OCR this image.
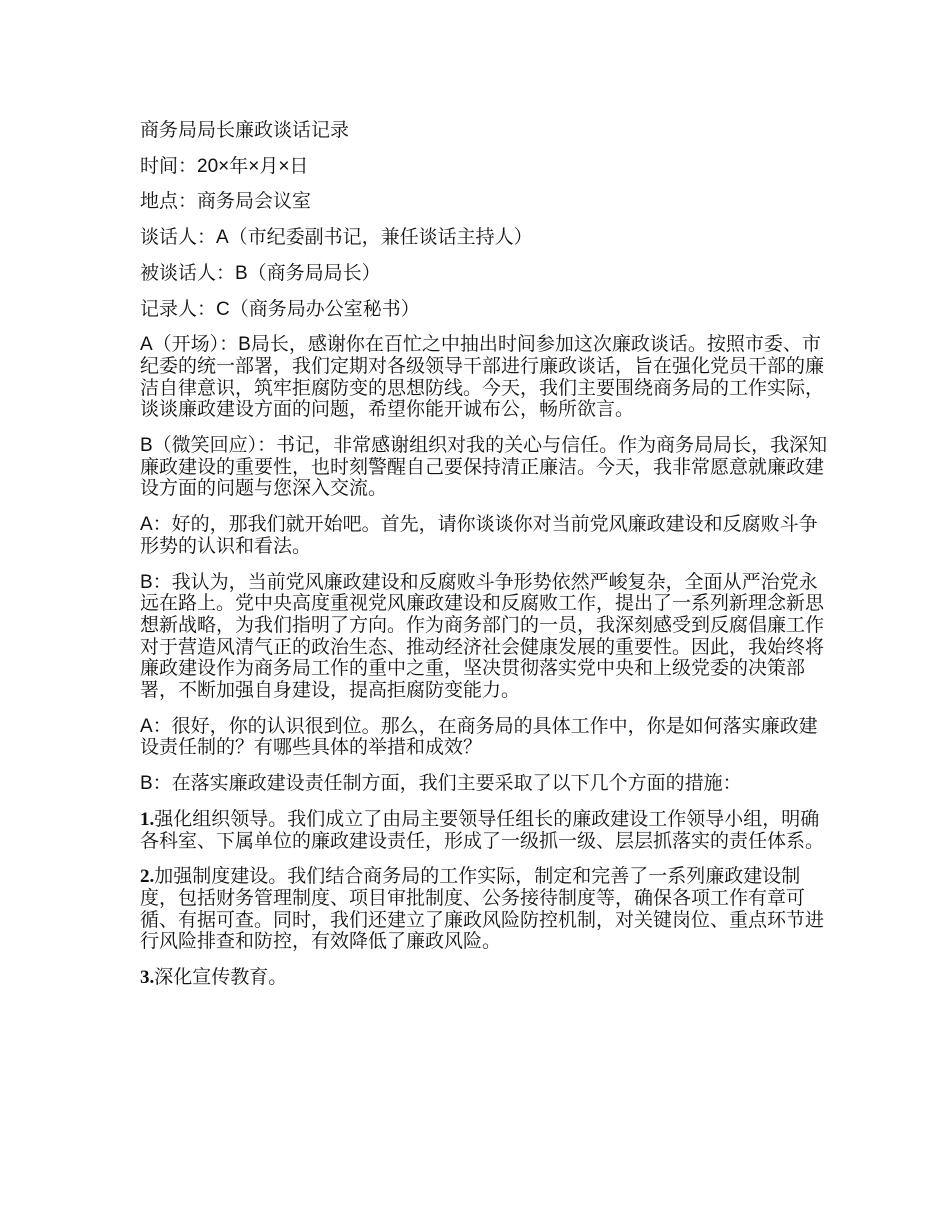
商务局局长廉政谈话记录

时间：20×年×月×日

地点：商务局会议室

谈话人：A（市纪委副书记，兼任谈话主持人）

被谈话人：B（商务局局长）

记录人：C（商务局办公室秘书）

A（开场）：B局长，感谢你在百忙之中抽出时间参加这次廉政谈话。按照市委、市纪委的统一部署，我们定期对各级领导干部进行廉政谈话，旨在强化党员干部的廉洁自律意识，筑牢拒腐防变的思想防线。今天，我们主要围绕商务局的工作实际，谈谈廉政建设方面的问题，希望你能开诚布公，畅所欲言。

B（微笑回应）：书记，非常感谢组织对我的关心与信任。作为商务局局长，我深知廉政建设的重要性，也时刻警醒自己要保持清正廉洁。今天，我非常愿意就廉政建设方面的问题与您深入交流。

A：好的，那我们就开始吧。首先，请你谈谈你对当前党风廉政建设和反腐败斗争形势的认识和看法。

B：我认为，当前党风廉政建设和反腐败斗争形势依然严峻复杂，全面从严治党永远在路上。党中央高度重视党风廉政建设和反腐败工作，提出了一系列新理念新思想新战略，为我们指明了方向。作为商务部门的一员，我深刻感受到反腐倡廉工作对于营造风清气正的政治生态、推动经济社会健康发展的重要性。因此，我始终将廉政建设作为商务局工作的重中之重，坚决贯彻落实党中央和上级党委的决策部署，不断加强自身建设，提高拒腐防变能力。

A：很好，你的认识很到位。那么，在商务局的具体工作中，你是如何落实廉政建设责任制的？有哪些具体的举措和成效？

B：在落实廉政建设责任制方面，我们主要采取了以下几个方面的措施：

1.强化组织领导。我们成立了由局主要领导任组长的廉政建设工作领导小组，明确各科室、下属单位的廉政建设责任，形成了一级抓一级、层层抓落实的责任体系。

2.加强制度建设。我们结合商务局的工作实际，制定和完善了一系列廉政建设制度，包括财务管理制度、项目审批制度、公务接待制度等，确保各项工作有章可循、有据可查。同时，我们还建立了廉政风险防控机制，对关键岗位、重点环节进行风险排查和防控，有效降低了廉政风险。

3.深化宣传教育。
